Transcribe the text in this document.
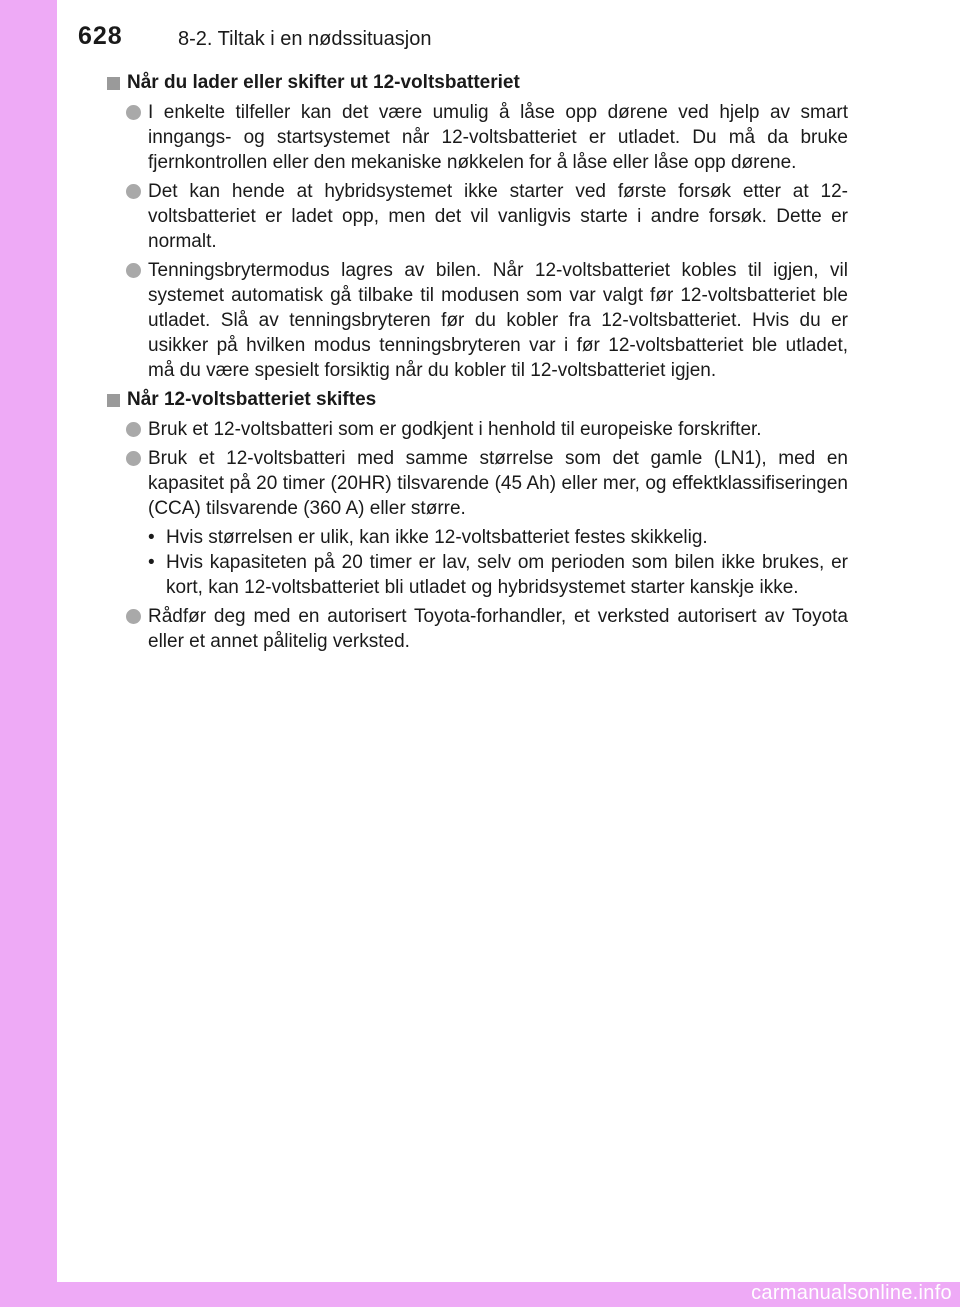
628	8-2. Tiltak i en nødssituasjon
Når du lader eller skifter ut 12-voltsbatteriet
I enkelte tilfeller kan det være umulig å låse opp dørene ved hjelp av smart inngangs- og startsystemet når 12-voltsbatteriet er utladet. Du må da bruke fjernkontrollen eller den mekaniske nøkkelen for å låse eller låse opp dørene.
Det kan hende at hybridsystemet ikke starter ved første forsøk etter at 12-voltsbatteriet er ladet opp, men det vil vanligvis starte i andre forsøk. Dette er normalt.
Tenningsbrytermodus lagres av bilen. Når 12-voltsbatteriet kobles til igjen, vil systemet automatisk gå tilbake til modusen som var valgt før 12-voltsbatteriet ble utladet. Slå av tenningsbryteren før du kobler fra 12-voltsbatteriet. Hvis du er usikker på hvilken modus tenningsbryteren var i før 12-voltsbatteriet ble utladet, må du være spesielt forsiktig når du kobler til 12-voltsbatteriet igjen.
Når 12-voltsbatteriet skiftes
Bruk et 12-voltsbatteri som er godkjent i henhold til europeiske forskrifter.
Bruk et 12-voltsbatteri med samme størrelse som det gamle (LN1), med en kapasitet på 20 timer (20HR) tilsvarende (45 Ah) eller mer, og effektklassifiseringen (CCA) tilsvarende (360 A) eller større.
• Hvis størrelsen er ulik, kan ikke 12-voltsbatteriet festes skikkelig.
• Hvis kapasiteten på 20 timer er lav, selv om perioden som bilen ikke brukes, er kort, kan 12-voltsbatteriet bli utladet og hybridsystemet starter kanskje ikke.
Rådfør deg med en autorisert Toyota-forhandler, et verksted autorisert av Toyota eller et annet pålitelig verksted.
carmanualsonline.info
